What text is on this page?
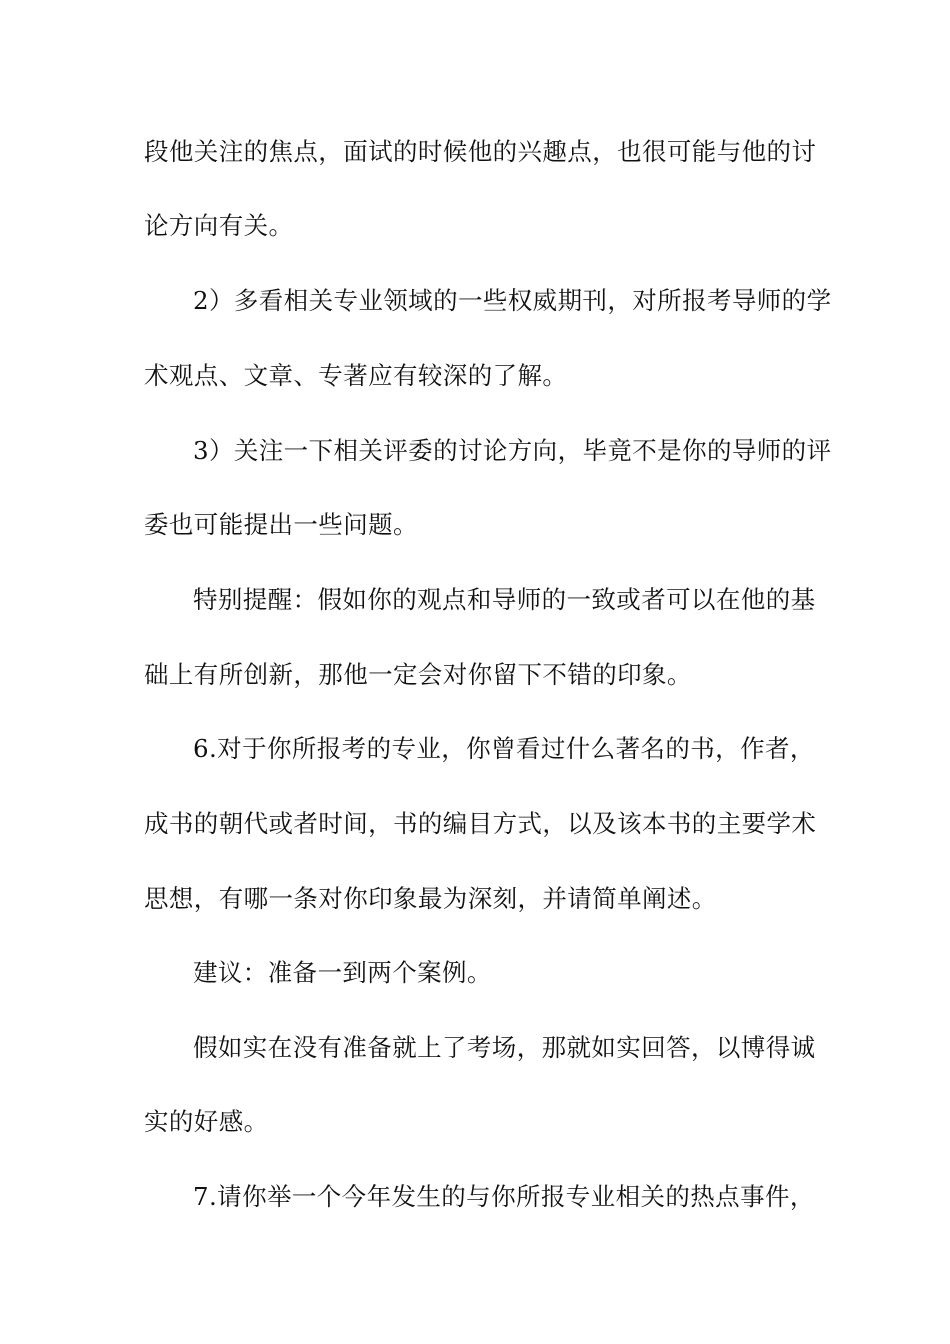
段他关注的焦点，面试的时候他的兴趣点，也很可能与他的讨
论方向有关。
2）多看相关专业领域的一些权威期刊，对所报考导师的学
术观点、文章、专著应有较深的了解。
3）关注一下相关评委的讨论方向，毕竟不是你的导师的评
委也可能提出一些问题。
特别提醒：假如你的观点和导师的一致或者可以在他的基
础上有所创新，那他一定会对你留下不错的印象。
6.对于你所报考的专业，你曾看过什么著名的书，作者，
成书的朝代或者时间，书的编目方式，以及该本书的主要学术
思想，有哪一条对你印象最为深刻，并请简单阐述。
建议：准备一到两个案例。
假如实在没有准备就上了考场，那就如实回答，以博得诚
实的好感。
7.请你举一个今年发生的与你所报专业相关的热点事件，
